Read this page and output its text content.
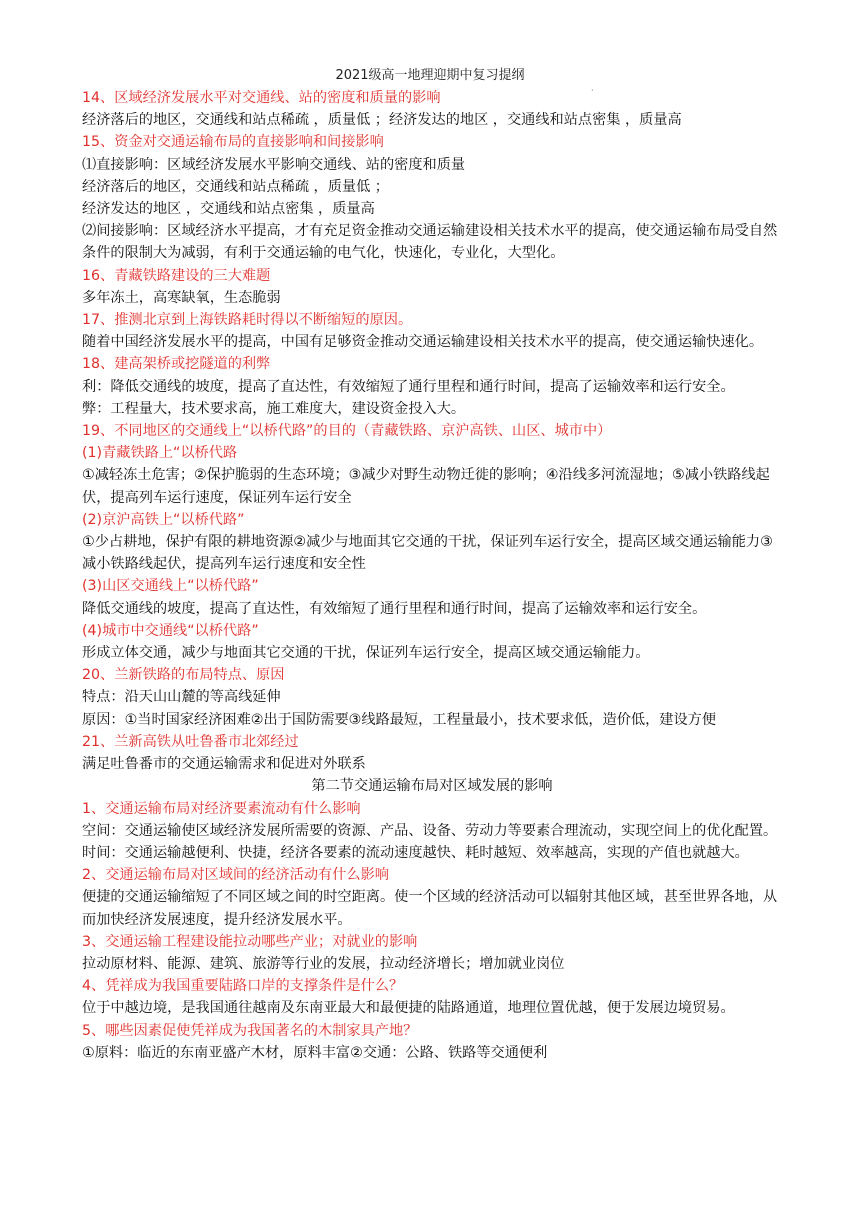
2021级高一地理迎期中复习提纲
·
14、区域经济发展水平对交通线、站的密度和质量的影响
经济落后的地区，交通线和站点稀疏 ，质量低 ；经济发达的地区 ，交通线和站点密集 ，质量高
15、资金对交通运输布局的直接影响和间接影响
⑴直接影响：区域经济发展水平影响交通线、站的密度和质量
经济落后的地区，交通线和站点稀疏 ，质量低 ；
经济发达的地区 ，交通线和站点密集 ，质量高
⑵间接影响：区域经济水平提高，才有充足资金推动交通运输建设相关技术水平的提高，使交通运输布局受自然条件的限制大为减弱，有利于交通运输的电气化，快速化，专业化，大型化。
16、青藏铁路建设的三大难题
多年冻土，高寒缺氧，生态脆弱
17、推测北京到上海铁路耗时得以不断缩短的原因。
随着中国经济发展水平的提高，中国有足够资金推动交通运输建设相关技术水平的提高，使交通运输快速化。
18、建高架桥或挖隧道的利弊
利：降低交通线的坡度，提高了直达性，有效缩短了通行里程和通行时间，提高了运输效率和运行安全。
弊：工程量大，技术要求高，施工难度大，建设资金投入大。
19、不同地区的交通线上“以桥代路”的目的（青藏铁路、京沪高铁、山区、城市中）
(1)青藏铁路上“以桥代路
①减轻冻土危害；②保护脆弱的生态环境；③减少对野生动物迁徙的影响；④沿线多河流湿地；⑤减小铁路线起伏，提高列车运行速度，保证列车运行安全
(2)京沪高铁上“以桥代路”
①少占耕地，保护有限的耕地资源②减少与地面其它交通的干扰，保证列车运行安全，提高区域交通运输能力③ 减小铁路线起伏，提高列车运行速度和安全性
(3)山区交通线上“以桥代路”
降低交通线的坡度，提高了直达性，有效缩短了通行里程和通行时间，提高了运输效率和运行安全。
(4)城市中交通线“以桥代路”
形成立体交通，减少与地面其它交通的干扰，保证列车运行安全，提高区域交通运输能力。
20、兰新铁路的布局特点、原因
特点：沿天山山麓的等高线延伸
原因：①当时国家经济困难②出于国防需要③线路最短，工程量最小，技术要求低，造价低，建设方便
21、兰新高铁从吐鲁番市北郊经过
满足吐鲁番市的交通运输需求和促进对外联系
第二节交通运输布局对区域发展的影响
1、交通运输布局对经济要素流动有什么影响
空间：交通运输使区域经济发展所需要的资源、产品、设备、劳动力等要素合理流动，实现空间上的优化配置。
时间：交通运输越便利、快捷，经济各要素的流动速度越快、耗时越短、效率越高，实现的产值也就越大。
2、交通运输布局对区域间的经济活动有什么影响
便捷的交通运输缩短了不同区域之间的时空距离。使一个区域的经济活动可以辐射其他区域，甚至世界各地，从而加快经济发展速度，提升经济发展水平。
3、交通运输工程建设能拉动哪些产业；对就业的影响
拉动原材料、能源、建筑、旅游等行业的发展，拉动经济增长；增加就业岗位
4、凭祥成为我国重要陆路口岸的支撑条件是什么？
位于中越边境，是我国通往越南及东南亚最大和最便捷的陆路通道，地理位置优越，便于发展边境贸易。
5、哪些因素促使凭祥成为我国著名的木制家具产地？
①原料：临近的东南亚盛产木材，原料丰富②交通：公路、铁路等交通便利
